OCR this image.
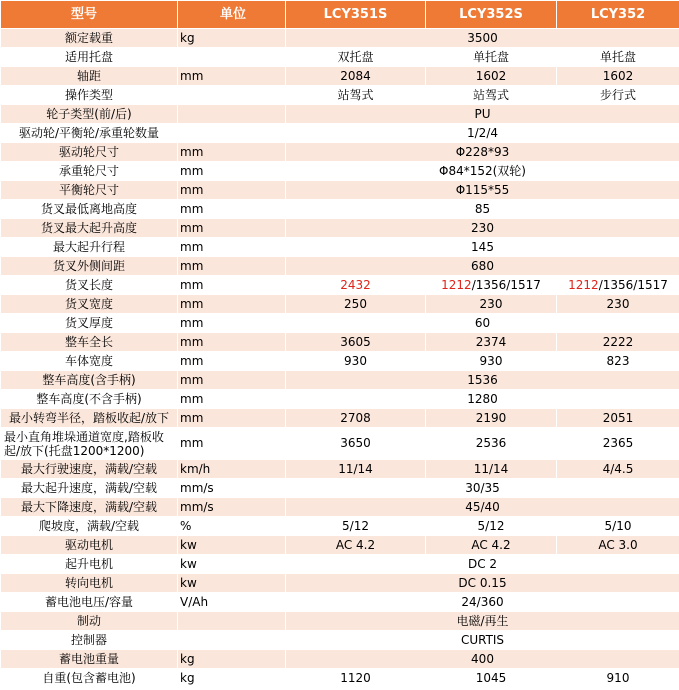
型号	单位	LCY351S	LCY352S	LCY352
额定载重	kg	3500		
适用托盘		双托盘	单托盘	单托盘
轴距	mm	2084	1602	1602
操作类型		站驾式	站驾式	步行式
轮子类型(前/后)		PU		
驱动轮/平衡轮/承重轮数量		1/2/4		
驱动轮尺寸	mm	Φ228*93		
承重轮尺寸	mm	Φ84*152(双轮)		
平衡轮尺寸	mm	Φ115*55		
货叉最低离地高度	mm	85		
货叉最大起升高度	mm	230		
最大起升行程	mm	145		
货叉外侧间距	mm	680		
货叉长度	mm	2432	1212/1356/1517	1212/1356/1517
货叉宽度	mm	250	230	230
货叉厚度	mm	60		
整车全长	mm	3605	2374	2222
车体宽度	mm	930	930	823
整车高度(含手柄)	mm	1536		
整车高度(不含手柄)	mm	1280		
最小转弯半径，踏板收起/放下	mm	2708	2190	2051
最小直角堆垛通道宽度,踏板收起/放下(托盘1200*1200)	mm	3650	2536	2365
最大行驶速度，满载/空载	km/h	11/14	11/14	4/4.5
最大起升速度，满载/空载	mm/s	30/35		
最大下降速度，满载/空载	mm/s	45/40		
爬坡度，满载/空载	%	5/12	5/12	5/10
驱动电机	kw	AC 4.2	AC 4.2	AC 3.0
起升电机	kw	DC 2		
转向电机	kw	DC 0.15		
蓄电池电压/容量	V/Ah	24/360		
制动		电磁/再生		
控制器		CURTIS		
蓄电池重量	kg	400		
自重(包含蓄电池)	kg	1120	1045	910
